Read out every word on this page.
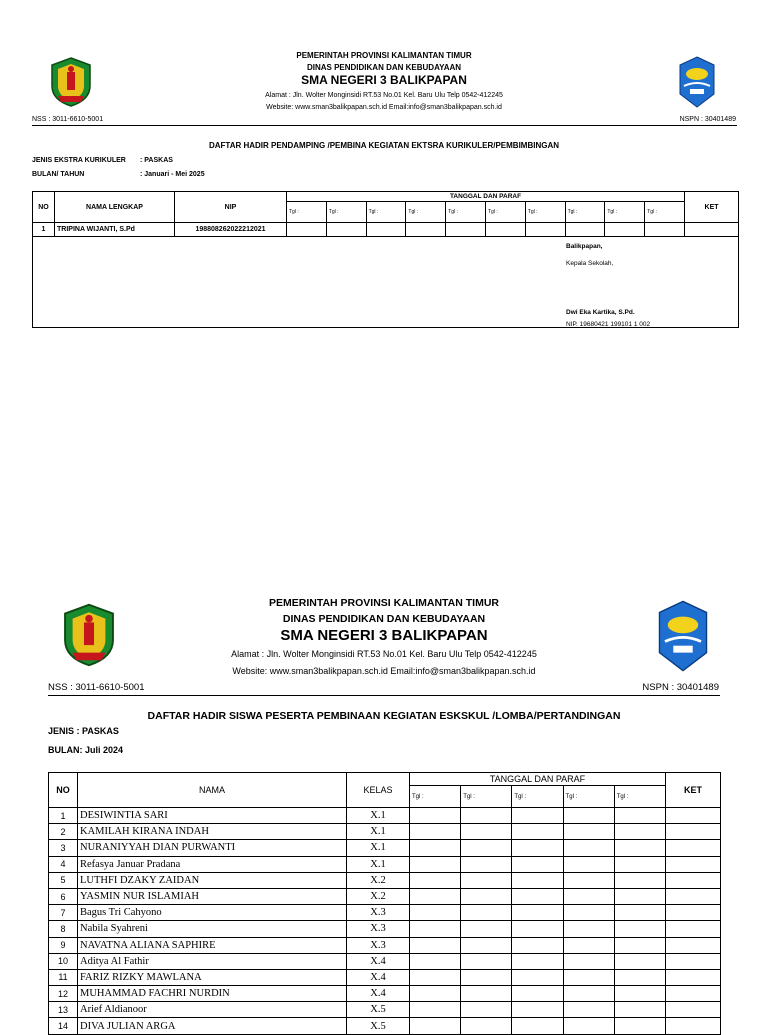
PEMERINTAH PROVINSI KALIMANTAN TIMUR
DINAS PENDIDIKAN DAN KEBUDAYAAN
SMA NEGERI 3 BALIKPAPAN
Alamat : Jln. Wolter Monginsidi RT.53 No.01 Kel. Baru Ulu Telp 0542-412245
Website: www.sman3balikpapan.sch.id Email:info@sman3balikpapan.sch.id
NSS : 3011-6610-5001	NSPN : 30401489
DAFTAR HADIR PENDAMPING /PEMBINA KEGIATAN EKTSRA KURIKULER/PEMBIMBINGAN
JENIS EKSTRA KURIKULER : PASKAS
BULAN/ TAHUN	: Januari - Mei 2025
NO	NAMA LENGKAP	NIP	TANGGAL DAN PARAF										KET
			Tgl :	Tgl :	Tgl :	Tgl :	Tgl :	Tgl :	Tgl :	Tgl :	Tgl :	Tgl :	
1	TRIPINA WIJANTI, S.Pd	198808262022212021											

Balikpapan,
Kepala Sekolah,
Dwi Eka Kartika, S.Pd.
NIP. 19680421 199101 1 002													
PEMERINTAH PROVINSI KALIMANTAN TIMUR
DINAS PENDIDIKAN DAN KEBUDAYAAN
SMA NEGERI 3 BALIKPAPAN
Alamat : Jln. Wolter Monginsidi RT.53 No.01 Kel. Baru Ulu Telp 0542-412245
Website: www.sman3balikpapan.sch.id Email:info@sman3balikpapan.sch.id
NSS : 3011-6610-5001	NSPN : 30401489
DAFTAR HADIR SISWA PESERTA PEMBINAAN KEGIATAN ESKSKUL /LOMBA/PERTANDINGAN
JENIS : PASKAS
BULAN: Juli 2024
NO	NAMA	KELAS	TANGGAL DAN PARAF					KET
			Tgl :	Tgl :	Tgl :	Tgl :	Tgl :	
1	DESIWINTIA SARI	X.1						
2	KAMILAH KIRANA INDAH	X.1						
3	NURANIYYAH DIAN PURWANTI	X.1						
4	Refasya Januar Pradana	X.1						
5	LUTHFI DZAKY ZAIDAN	X.2						
6	YASMIN NUR ISLAMIAH	X.2						
7	Bagus Tri Cahyono	X.3						
8	Nabila Syahreni	X.3						
9	NAVATNA ALIANA SAPHIRE	X.3						
10	Aditya Al Fathir	X.4						
11	FARIZ RIZKY MAWLANA	X.4						
12	MUHAMMAD FACHRI NURDIN	X.4						
13	Arief Aldianoor	X.5						
14	DIVA JULIAN ARGA	X.5						
